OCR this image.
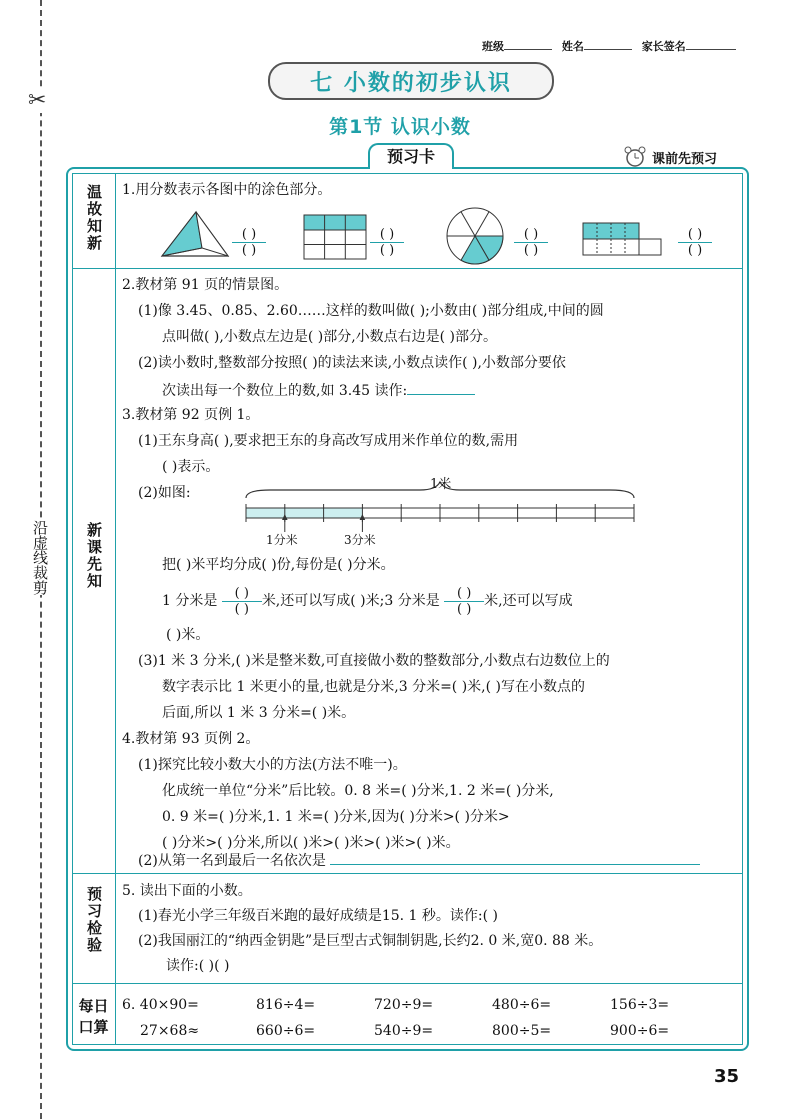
✂
沿虚线裁剪
班级	姓名	家长签名
七 小数的初步认识
第1节 认识小数
预习卡	课前先预习
温故知新
新课先知
预习检验
每日口算
1.用分数表示各图中的涂色部分。
( )
( )
( )
( )
( )
( )
( )
( )
2.教材第 91 页的情景图。
(1)像 3.45、0.85、2.60……这样的数叫做( );小数由( )部分组成,中间的圆
点叫做( ),小数点左边是( )部分,小数点右边是( )部分。
(2)读小数时,整数部分按照( )的读法来读,小数点读作( ),小数部分要依
次读出每一个数位上的数,如 3.45 读作:
3.教材第 92 页例 1。
(1)王东身高( ),要求把王东的身高改写成用米作单位的数,需用
( )表示。
(2)如图:
1米
1分米	3分米
把( )米平均分成( )份,每份是( )分米。
1 分米是 $\frac{( )}{( )}$米,还可以写成( )米;3 分米是 $\frac{( )}{( )}$米,还可以写成
( )米。
(3)1 米 3 分米,( )米是整米数,可直接做小数的整数部分,小数点右边数位上的
数字表示比 1 米更小的量,也就是分米,3 分米=( )米,( )写在小数点的
后面,所以 1 米 3 分米=( )米。
4.教材第 93 页例 2。
(1)探究比较小数大小的方法(方法不唯一)。
化成统一单位“分米”后比较。0. 8 米=( )分米,1. 2 米=( )分米,
0. 9 米=( )分米,1. 1 米=( )分米,因为( )分米>( )分米>
( )分米>( )分米,所以( )米>( )米>( )米>( )米。
(2)从第一名到最后一名依次是
5. 读出下面的小数。
(1)春光小学三年级百米跑的最好成绩是15. 1 秒。读作:( )
(2)我国丽江的“纳西金钥匙”是巨型古式铜制钥匙,长约2. 0 米,宽0. 88 米。
读作:( )( )
6. 40×90=	816÷4=	720÷9=	480÷6=	156÷3=
27×68≈	660÷6=	540÷9=	800÷5=	900÷6=
35
